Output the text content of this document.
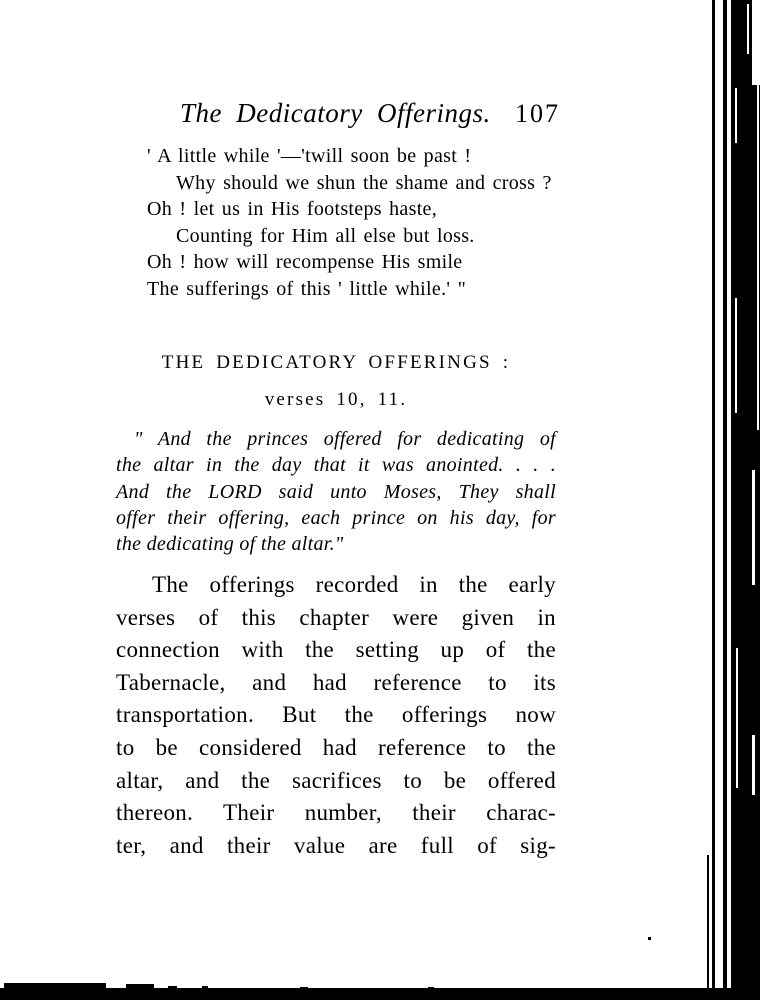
The Dedicatory Offerings. 107
' A little while '—'twill soon be past !
Why should we shun the shame and cross ?
Oh ! let us in His footsteps haste,
Counting for Him all else but loss.
Oh ! how will recompense His smile
The sufferings of this ' little while.' "
THE DEDICATORY OFFERINGS :
verses 10, 11.
" And the princes offered for dedicating of
the altar in the day that it was anointed. . . .
And the LORD said unto Moses, They shall
offer their offering, each prince on his day, for
the dedicating of the altar."
The offerings recorded in the early
verses of this chapter were given in
connection with the setting up of the
Tabernacle, and had reference to its
transportation. But the offerings now
to be considered had reference to the
altar, and the sacrifices to be offered
thereon. Their number, their charac-
ter, and their value are full of sig-
